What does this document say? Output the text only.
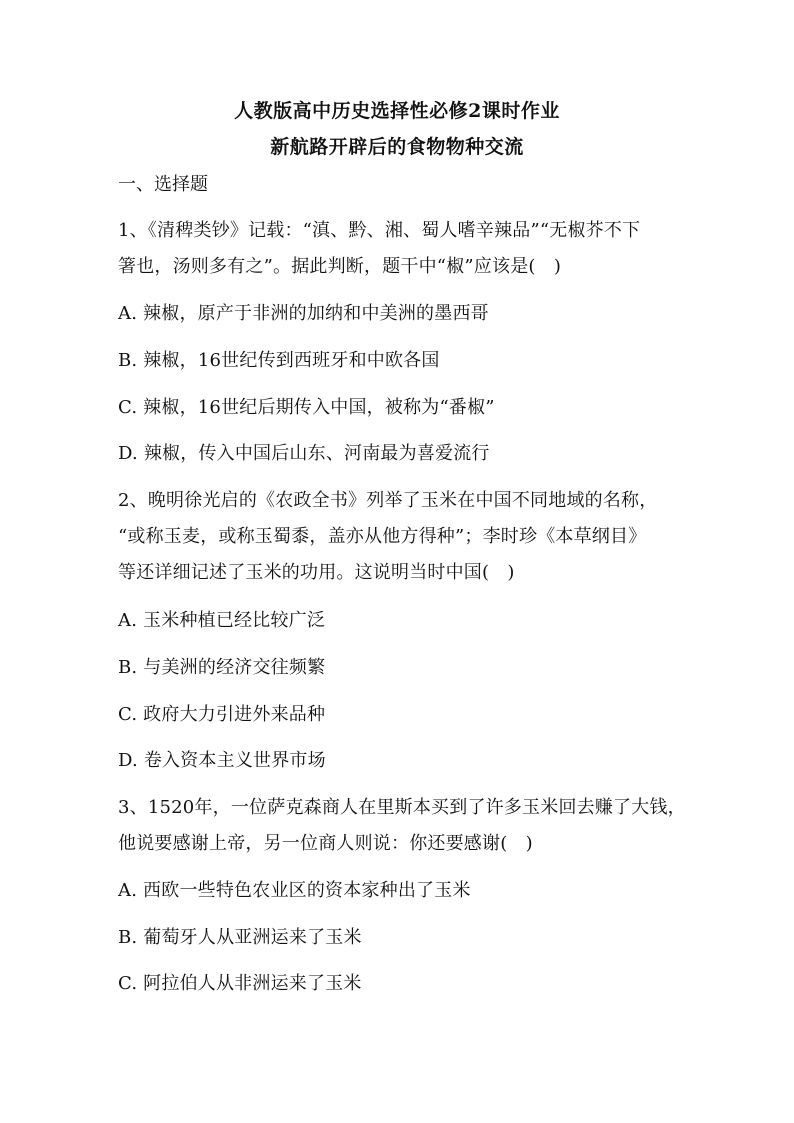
人教版高中历史选择性必修2课时作业
新航路开辟后的食物物种交流
一、选择题
1、《清稗类钞》记载：“滇、黔、湘、蜀人嗜辛辣品”“无椒芥不下
箸也，汤则多有之”。据此判断，题干中“椒”应该是(　)
A. 辣椒，原产于非洲的加纳和中美洲的墨西哥
B. 辣椒，16世纪传到西班牙和中欧各国
C. 辣椒，16世纪后期传入中国，被称为“番椒”
D. 辣椒，传入中国后山东、河南最为喜爱流行
2、晚明徐光启的《农政全书》列举了玉米在中国不同地域的名称，
“或称玉麦，或称玉蜀黍，盖亦从他方得种”；李时珍《本草纲目》
等还详细记述了玉米的功用。这说明当时中国(　)
A. 玉米种植已经比较广泛
B. 与美洲的经济交往频繁
C. 政府大力引进外来品种
D. 卷入资本主义世界市场
3、1520年，一位萨克森商人在里斯本买到了许多玉米回去赚了大钱，
他说要感谢上帝，另一位商人则说：你还要感谢(　)
A. 西欧一些特色农业区的资本家种出了玉米
B. 葡萄牙人从亚洲运来了玉米
C. 阿拉伯人从非洲运来了玉米
